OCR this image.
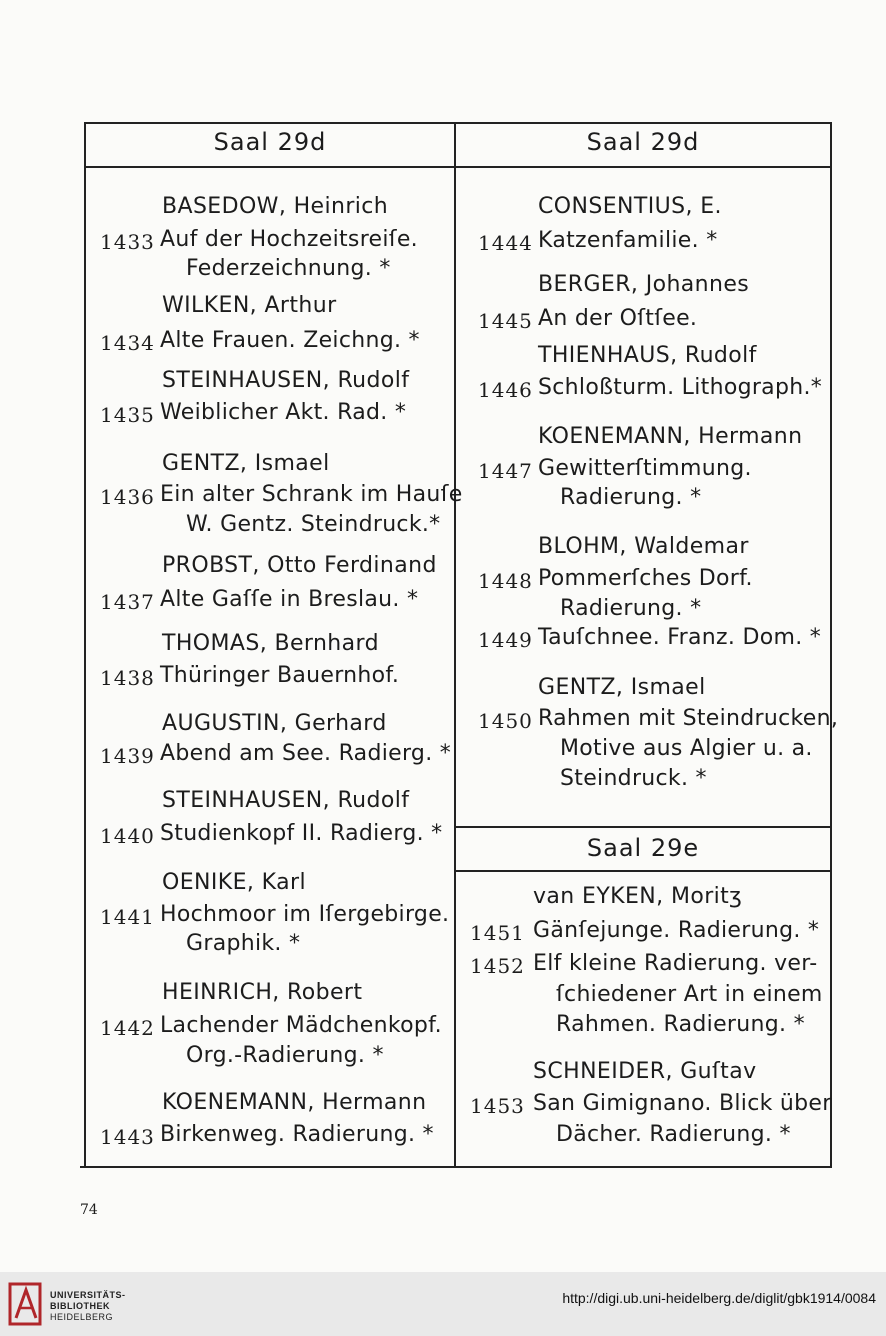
Saal 29d	Saal 29d
Saal 29e
BASEDOW, Heinrich
1433 Auf der Hochzeitsreiſe.
Federzeichnung. *
WILKEN, Arthur
1434 Alte Frauen. Zeichng. *
STEINHAUSEN, Rudolf
1435 Weiblicher Akt. Rad. *
GENTZ, Ismael
1436 Ein alter Schrank im Hauſe
W. Gentz. Steindruck.*
PROBST, Otto Ferdinand
1437 Alte Gaſſe in Breslau. *
THOMAS, Bernhard
1438 Thüringer Bauernhof.
AUGUSTIN, Gerhard
1439 Abend am See. Radierg. *
STEINHAUSEN, Rudolf
1440 Studienkopf II. Radierg. *
OENIKE, Karl
1441 Hochmoor im Iſergebirge.
Graphik. *
HEINRICH, Robert
1442 Lachender Mädchenkopf.
Org.-Radierung. *
KOENEMANN, Hermann
1443 Birkenweg. Radierung. *
CONSENTIUS, E.
1444 Katzenfamilie. *
BERGER, Johannes
1445 An der Oſtſee.
THIENHAUS, Rudolf
1446 Schloßturm. Lithograph.*
KOENEMANN, Hermann
1447 Gewitterſtimmung.
Radierung. *
BLOHM, Waldemar
1448 Pommerſches Dorf.
Radierung. *
1449 Tauſchnee. Franz. Dom. *
GENTZ, Ismael
1450 Rahmen mit Steindrucken,
Motive aus Algier u. a.
Steindruck. *
van EYKEN, Moritʒ
1451 Gänſejunge. Radierung. *
1452 Elf kleine Radierung. ver-
ſchiedener Art in einem
Rahmen. Radierung. *
SCHNEIDER, Guſtav
1453 San Gimignano. Blick über
Dächer. Radierung. *
74
UNIVERSITÄTS-
BIBLIOTHEK
HEIDELBERG
http://digi.ub.uni-heidelberg.de/diglit/gbk1914/0084
